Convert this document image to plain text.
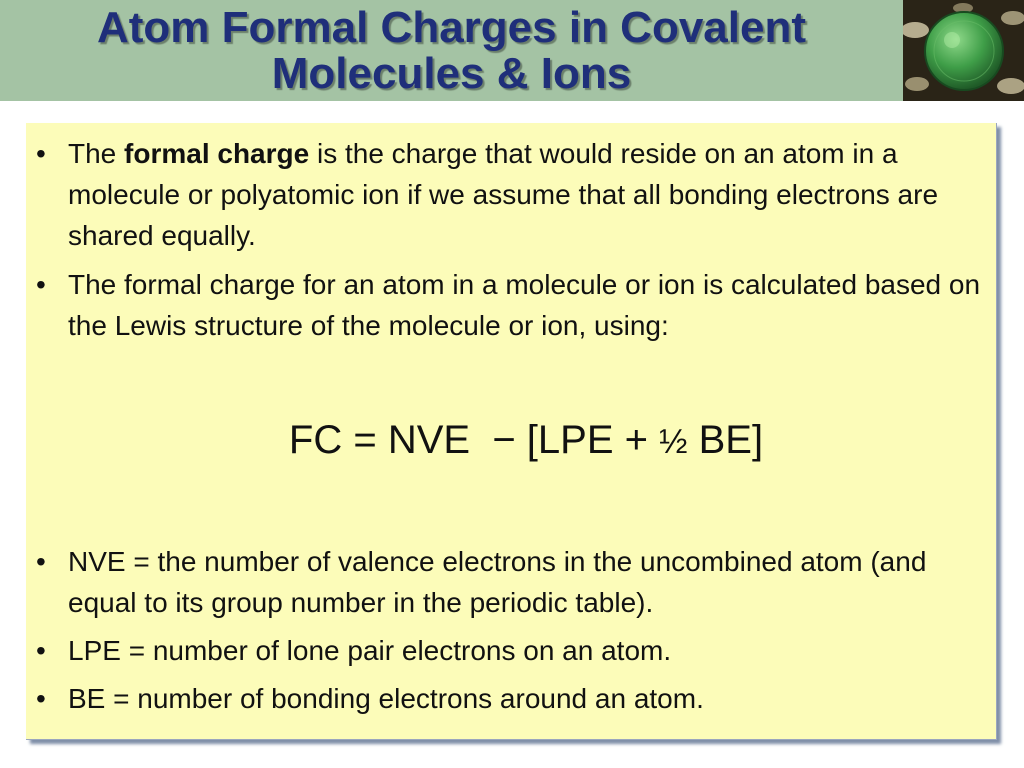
Atom Formal Charges in Covalent
Molecules & Ions
• The formal charge is the charge that would reside on an atom in a molecule or polyatomic ion if we assume that all bonding electrons are shared equally.
• The formal charge for an atom in a molecule or ion is calculated based on the Lewis structure of the molecule or ion, using:
FC = NVE − [LPE + ½ BE]
• NVE = the number of valence electrons in the uncombined atom (and equal to its group number in the periodic table).
• LPE = number of lone pair electrons on an atom.
• BE = number of bonding electrons around an atom.
